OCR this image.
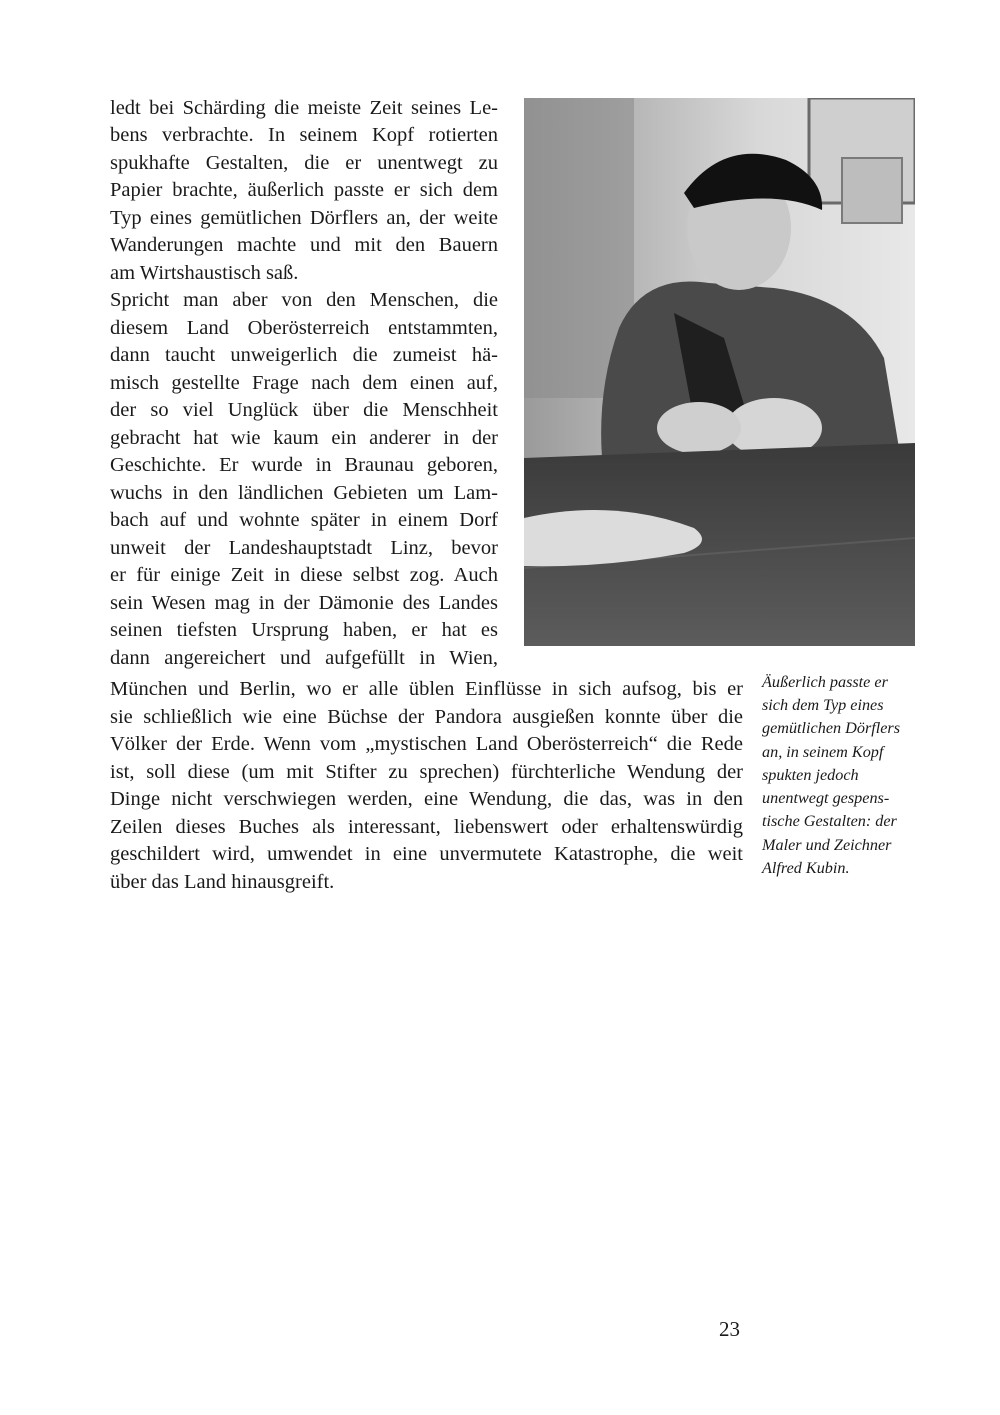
ledt bei Schärding die meiste Zeit seines Le-
bens verbrachte. In seinem Kopf rotierten
spukhafte Gestalten, die er unentwegt zu
Papier brachte, äußerlich passte er sich dem
Typ eines gemütlichen Dörflers an, der weite
Wanderungen machte und mit den Bauern
am Wirtshaustisch saß.
Spricht man aber von den Menschen, die
diesem Land Oberösterreich entstammten,
dann taucht unweigerlich die zumeist hä-
misch gestellte Frage nach dem einen auf,
der so viel Unglück über die Menschheit
gebracht hat wie kaum ein anderer in der
Geschichte. Er wurde in Braunau geboren,
wuchs in den ländlichen Gebieten um Lam-
bach auf und wohnte später in einem Dorf
unweit der Landeshauptstadt Linz, bevor
er für einige Zeit in diese selbst zog. Auch
sein Wesen mag in der Dämonie des Landes
seinen tiefsten Ursprung haben, er hat es
dann angereichert und aufgefüllt in Wien,
München und Berlin, wo er alle üblen Einflüsse in sich aufsog, bis er
sie schließlich wie eine Büchse der Pandora ausgießen konnte über die
Völker der Erde. Wenn vom „mystischen Land Oberösterreich“ die Rede
ist, soll diese (um mit Stifter zu sprechen) fürchterliche Wendung der
Dinge nicht verschwiegen werden, eine Wendung, die das, was in den
Zeilen dieses Buches als interessant, liebenswert oder erhaltenswürdig
geschildert wird, umwendet in eine unvermutete Katastrophe, die weit
über das Land hinausgreift.
Äußerlich passte er
sich dem Typ eines
gemütlichen Dörflers
an, in seinem Kopf
spukten jedoch
unentwegt gespens-
tische Gestalten: der
Maler und Zeichner
Alfred Kubin.
23
